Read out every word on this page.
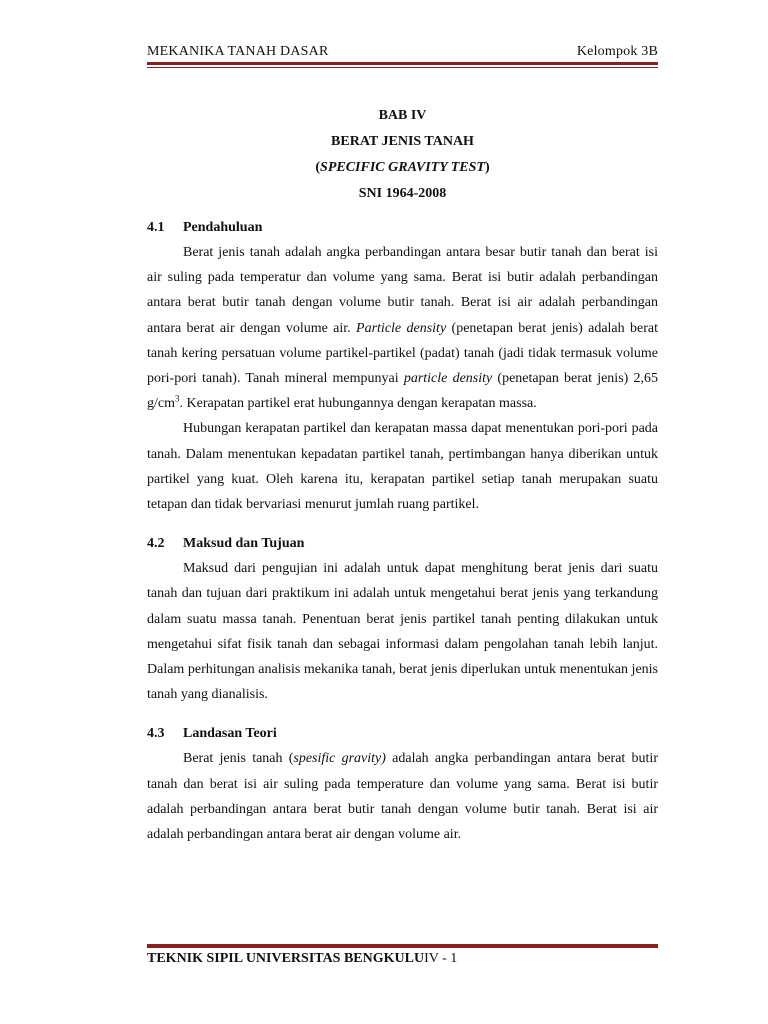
MEKANIKA TANAH DASAR	Kelompok 3B
BAB IV
BERAT JENIS TANAH
(SPECIFIC GRAVITY TEST)
SNI 1964-2008
4.1 Pendahuluan

Berat jenis tanah adalah angka perbandingan antara besar butir tanah dan berat isi air suling pada temperatur dan volume yang sama. Berat isi butir adalah perbandingan antara berat butir tanah dengan volume butir tanah. Berat isi air adalah perbandingan antara berat air dengan volume air. Particle density (penetapan berat jenis) adalah berat tanah kering persatuan volume partikel-partikel (padat) tanah (jadi tidak termasuk volume pori-pori tanah). Tanah mineral mempunyai particle density (penetapan berat jenis) 2,65 $g/cm^3$. Kerapatan partikel erat hubungannya dengan kerapatan massa.

Hubungan kerapatan partikel dan kerapatan massa dapat menentukan pori-pori pada tanah. Dalam menentukan kepadatan partikel tanah, pertimbangan hanya diberikan untuk partikel yang kuat. Oleh karena itu, kerapatan partikel setiap tanah merupakan suatu tetapan dan tidak bervariasi menurut jumlah ruang partikel.

4.2 Maksud dan Tujuan

Maksud dari pengujian ini adalah untuk dapat menghitung berat jenis dari suatu tanah dan tujuan dari praktikum ini adalah untuk mengetahui berat jenis yang terkandung dalam suatu massa tanah. Penentuan berat jenis partikel tanah penting dilakukan untuk mengetahui sifat fisik tanah dan sebagai informasi dalam pengolahan tanah lebih lanjut. Dalam perhitungan analisis mekanika tanah, berat jenis diperlukan untuk menentukan jenis tanah yang dianalisis.

4.3 Landasan Teori

Berat jenis tanah (spesific gravity) adalah angka perbandingan antara berat butir tanah dan berat isi air suling pada temperature dan volume yang sama. Berat isi butir adalah perbandingan antara berat butir tanah dengan volume butir tanah. Berat isi air adalah perbandingan antara berat air dengan volume air.

TEKNIK SIPIL UNIVERSITAS BENGKULUIV - 1
